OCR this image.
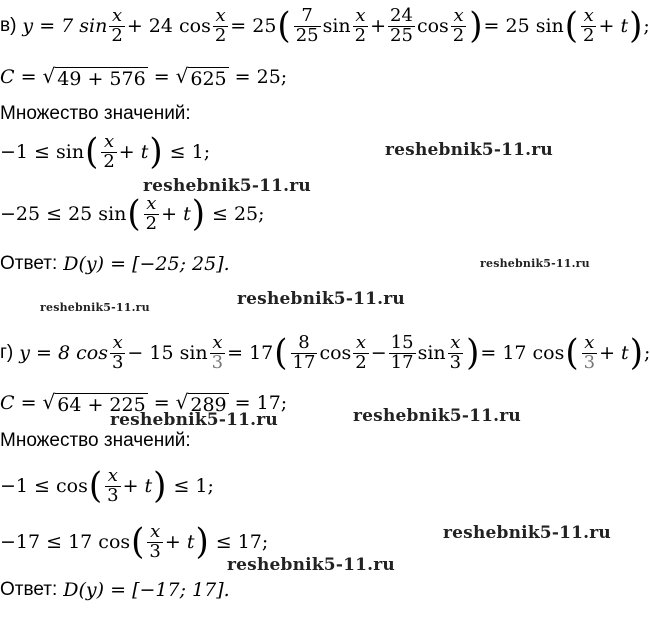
в) y = 7 $\sin \frac{x}{2} + 24$ $\cos \frac{x}{2} = 25$ ( $\frac{7}{25}$ $\sin \frac{x}{2} + \frac{24}{25}$ $\cos \frac{x}{2}$ ) = 25 sin ( $\frac{x}{2} + t$ ) ;
C = √ 49 + 576 = √ 625 = 25;
Множество значений:
−1 ≤ sin ( $\frac{x}{2} + t$ ) ≤ 1;
−25 ≤ 25 sin ( $\frac{x}{2} + t$ ) ≤ 25;
Ответ: D(y) = [−25; 25].
г) y = 8 $\cos \frac{x}{3} - 15$ $\sin \frac{x}{3} = 17$ ( $\frac{8}{17}$ $\cos \frac{x}{2} - \frac{15}{17}$ $\sin \frac{x}{3}$ ) = 17 cos ( $\frac{x}{3} + t$ ) ;
C = √ 64 + 225 = √ 289 = 17;
Множество значений:
−1 ≤ cos ( $\frac{x}{3} + t$ ) ≤ 1;
−17 ≤ 17 cos ( $\frac{x}{3} + t$ ) ≤ 17;
Ответ: D(y) = [−17; 17].
reshebnik5-11.ru
reshebnik5-11.ru
reshebnik5-11.ru
reshebnik5-11.ru	reshebnik5-11.ru
reshebnik5-11.ru
reshebnik5-11.ru
reshebnik5-11.ru
reshebnik5-11.ru
